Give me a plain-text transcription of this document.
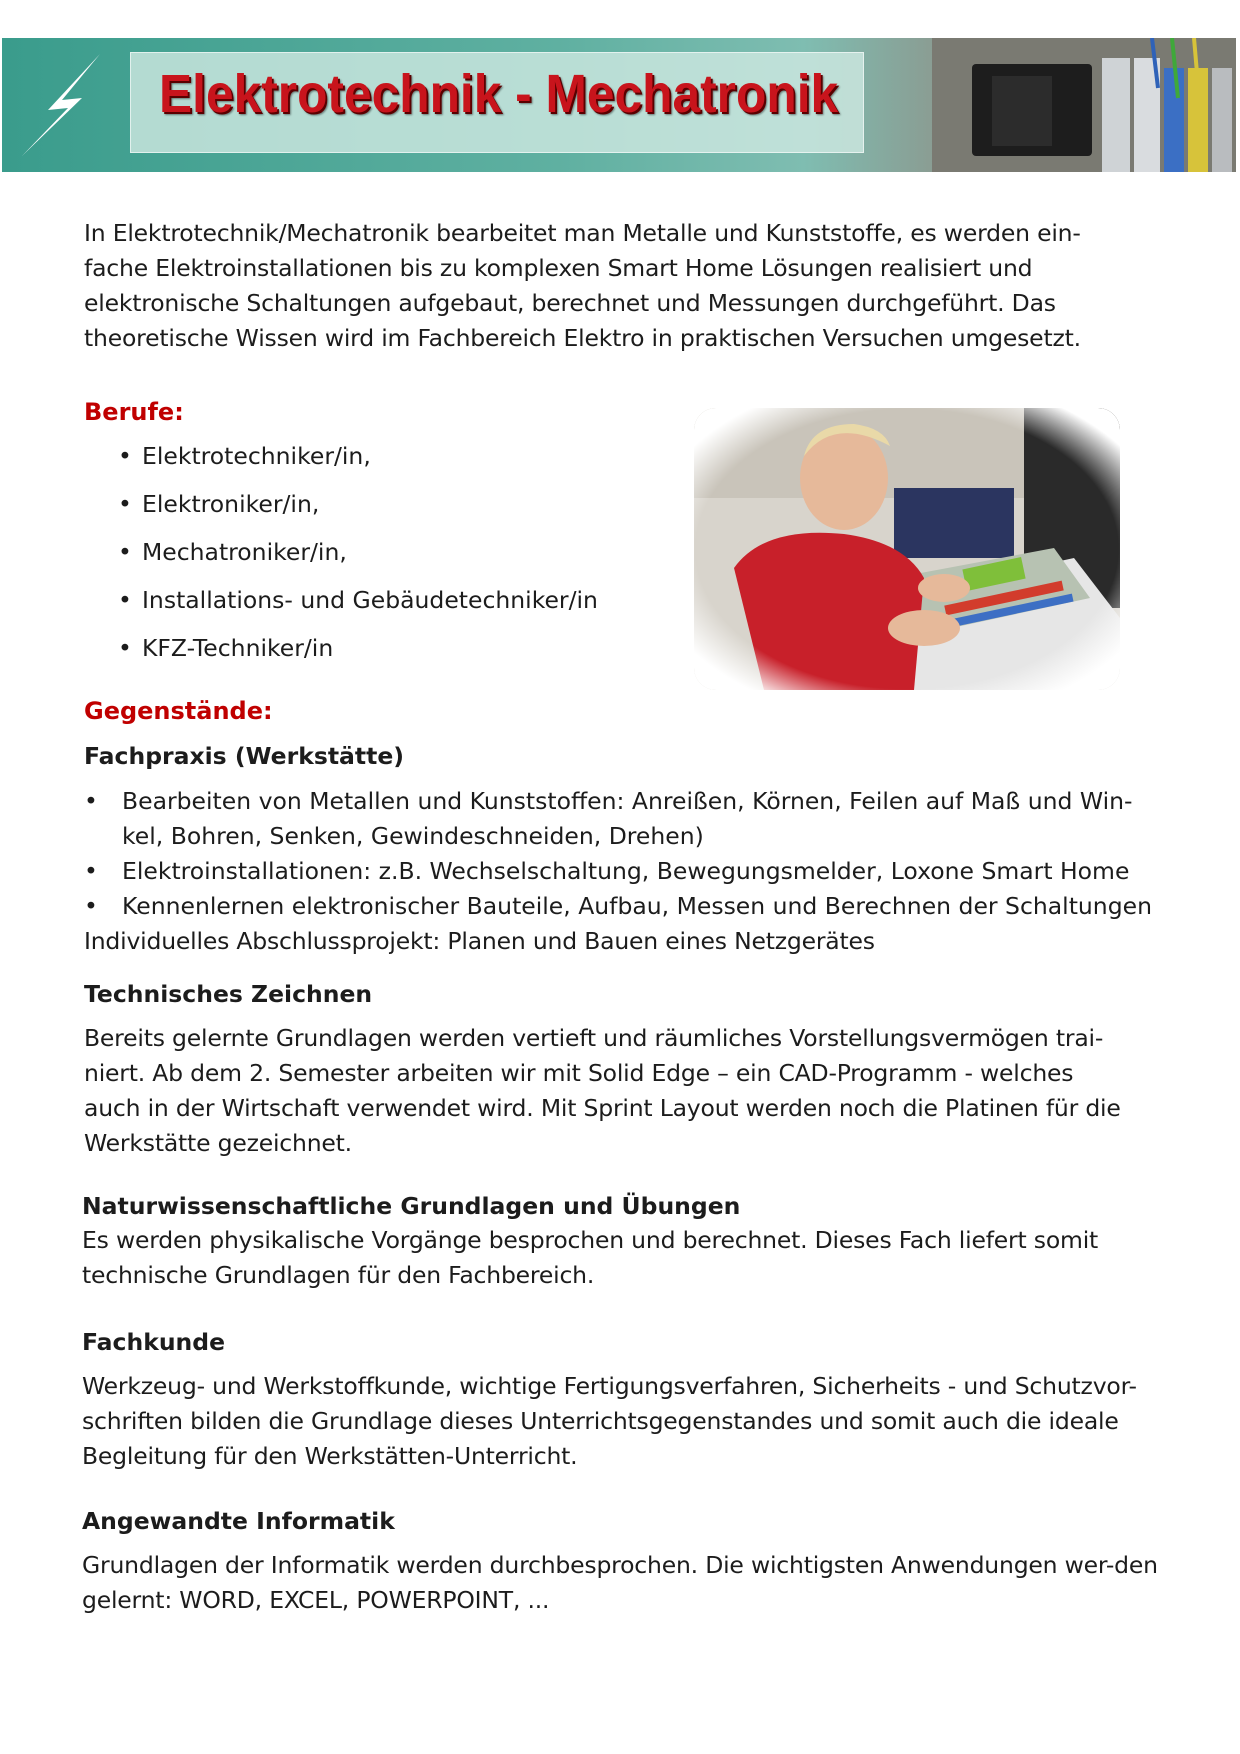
Elektrotechnik - Mechatronik

In Elektrotechnik/Mechatronik bearbeitet man Metalle und Kunststoffe, es werden ein-fache Elektroinstallationen bis zu komplexen Smart Home Lösungen realisiert und elektronische Schaltungen aufgebaut, berechnet und Messungen durchgeführt. Das theoretische Wissen wird im Fachbereich Elektro in praktischen Versuchen umgesetzt.

Berufe:
• Elektrotechniker/in,
• Elektroniker/in,
• Mechatroniker/in,
• Installations- und Gebäudetechniker/in
• KFZ-Techniker/in
Gegenstände:
Fachpraxis (Werkstätte)
• Bearbeiten von Metallen und Kunststoffen: Anreißen, Körnen, Feilen auf Maß und Win-kel, Bohren, Senken, Gewindeschneiden, Drehen)
• Elektroinstallationen: z.B. Wechselschaltung, Bewegungsmelder, Loxone Smart Home
• Kennenlernen elektronischer Bauteile, Aufbau, Messen und Berechnen der Schaltungen

Individuelles Abschlussprojekt: Planen und Bauen eines Netzgerätes

Technisches Zeichnen

Bereits gelernte Grundlagen werden vertieft und räumliches Vorstellungsvermögen trai-niert. Ab dem 2. Semester arbeiten wir mit Solid Edge – ein CAD-Programm - welches auch in der Wirtschaft verwendet wird. Mit Sprint Layout werden noch die Platinen für die Werkstätte gezeichnet.

Naturwissenschaftliche Grundlagen und Übungen

Es werden physikalische Vorgänge besprochen und berechnet. Dieses Fach liefert somit technische Grundlagen für den Fachbereich.

Fachkunde

Werkzeug- und Werkstoffkunde, wichtige Fertigungsverfahren, Sicherheits - und Schutzvor-schriften bilden die Grundlage dieses Unterrichtsgegenstandes und somit auch die ideale Begleitung für den Werkstätten-Unterricht.

Angewandte Informatik

Grundlagen der Informatik werden durchbesprochen. Die wichtigsten Anwendungen wer-den gelernt: WORD, EXCEL, POWERPOINT, ...
